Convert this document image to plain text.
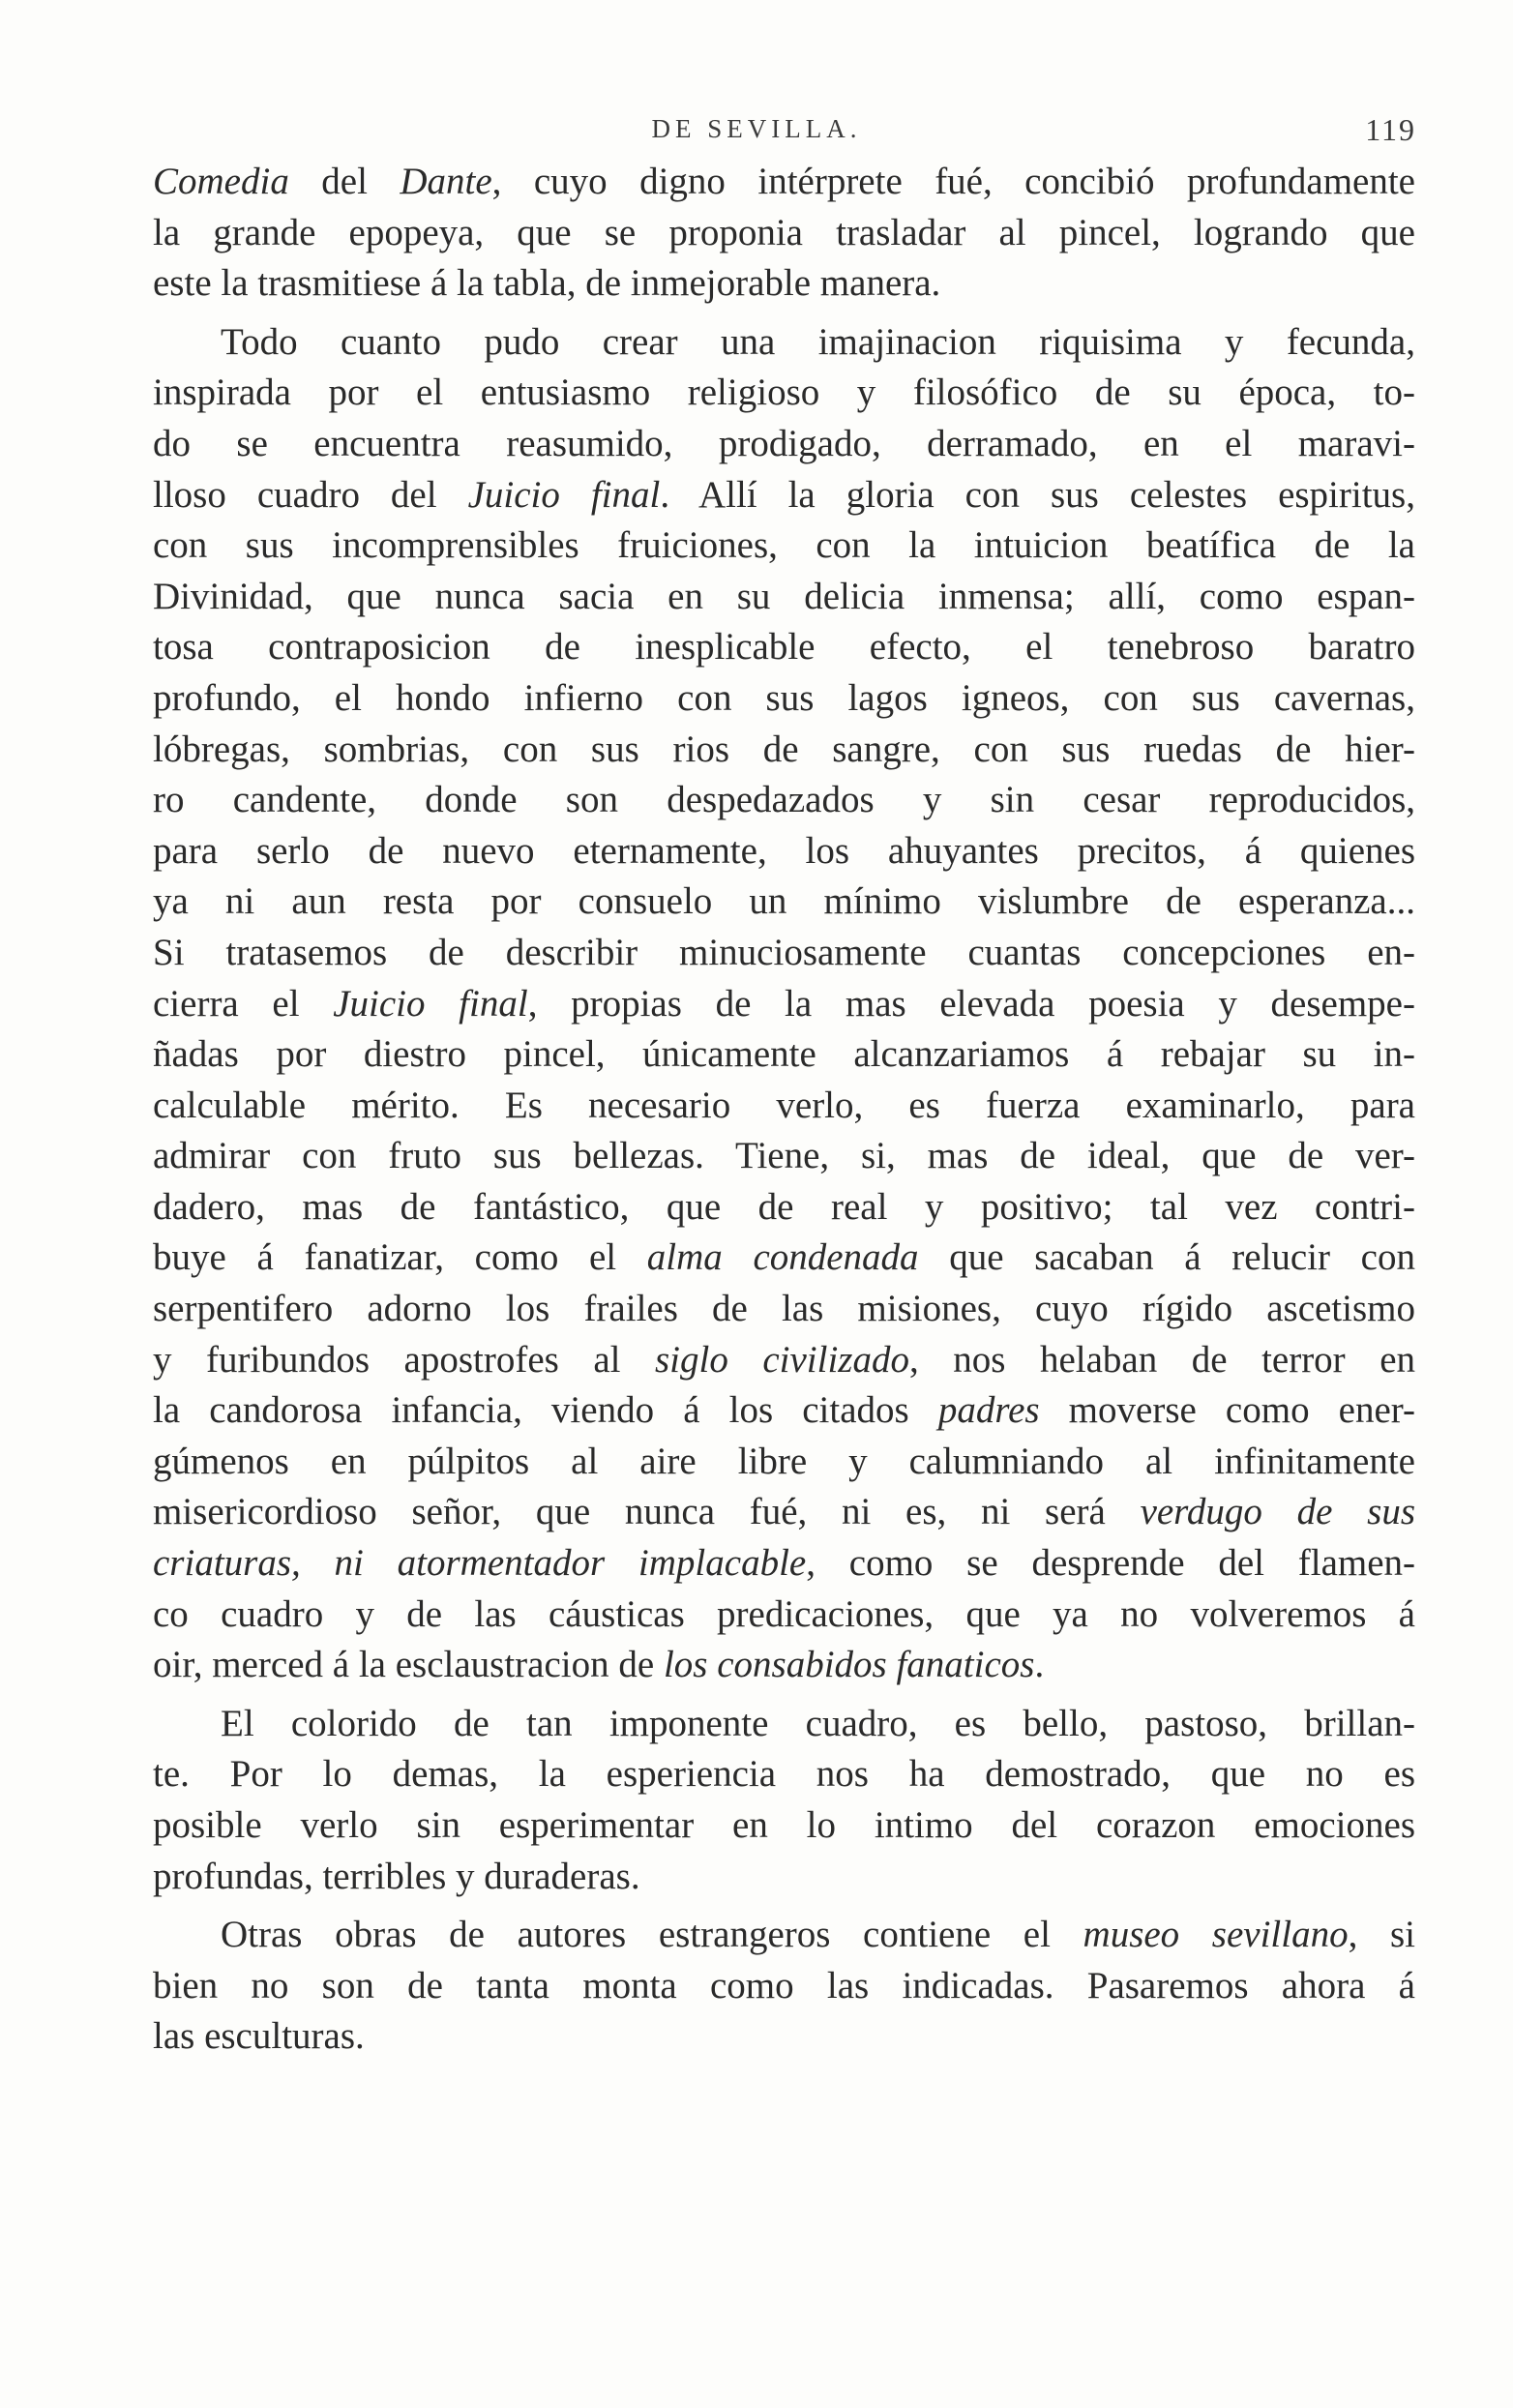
DE SEVILLA.	119

Comedia del Dante, cuyo digno intérprete fué, concibió profundamente

la grande epopeya, que se proponia trasladar al pincel, logrando que

este la trasmitiese á la tabla, de inmejorable manera.

Todo cuanto pudo crear una imajinacion riquisima y fecunda,

inspirada por el entusiasmo religioso y filosófico de su época, to-

do se encuentra reasumido, prodigado, derramado, en el maravi-

lloso cuadro del Juicio final. Allí la gloria con sus celestes espiritus,

con sus incomprensibles fruiciones, con la intuicion beatífica de la

Divinidad, que nunca sacia en su delicia inmensa; allí, como espan-

tosa contraposicion de inesplicable efecto, el tenebroso baratro

profundo, el hondo infierno con sus lagos igneos, con sus cavernas,

lóbregas, sombrias, con sus rios de sangre, con sus ruedas de hier-

ro candente, donde son despedazados y sin cesar reproducidos,

para serlo de nuevo eternamente, los ahuyantes precitos, á quienes

ya ni aun resta por consuelo un mínimo vislumbre de esperanza...

Si tratasemos de describir minuciosamente cuantas concepciones en-

cierra el Juicio final, propias de la mas elevada poesia y desempe-

ñadas por diestro pincel, únicamente alcanzariamos á rebajar su in-

calculable mérito. Es necesario verlo, es fuerza examinarlo, para

admirar con fruto sus bellezas. Tiene, si, mas de ideal, que de ver-

dadero, mas de fantástico, que de real y positivo; tal vez contri-

buye á fanatizar, como el alma condenada que sacaban á relucir con

serpentifero adorno los frailes de las misiones, cuyo rígido ascetismo

y furibundos apostrofes al siglo civilizado, nos helaban de terror en

la candorosa infancia, viendo á los citados padres moverse como ener-

gúmenos en púlpitos al aire libre y calumniando al infinitamente

misericordioso señor, que nunca fué, ni es, ni será verdugo de sus

criaturas, ni atormentador implacable, como se desprende del flamen-

co cuadro y de las cáusticas predicaciones, que ya no volveremos á

oir, merced á la esclaustracion de los consabidos fanaticos.

El colorido de tan imponente cuadro, es bello, pastoso, brillan-

te. Por lo demas, la esperiencia nos ha demostrado, que no es

posible verlo sin esperimentar en lo intimo del corazon emociones

profundas, terribles y duraderas.

Otras obras de autores estrangeros contiene el museo sevillano, si

bien no son de tanta monta como las indicadas. Pasaremos ahora á

las esculturas.
